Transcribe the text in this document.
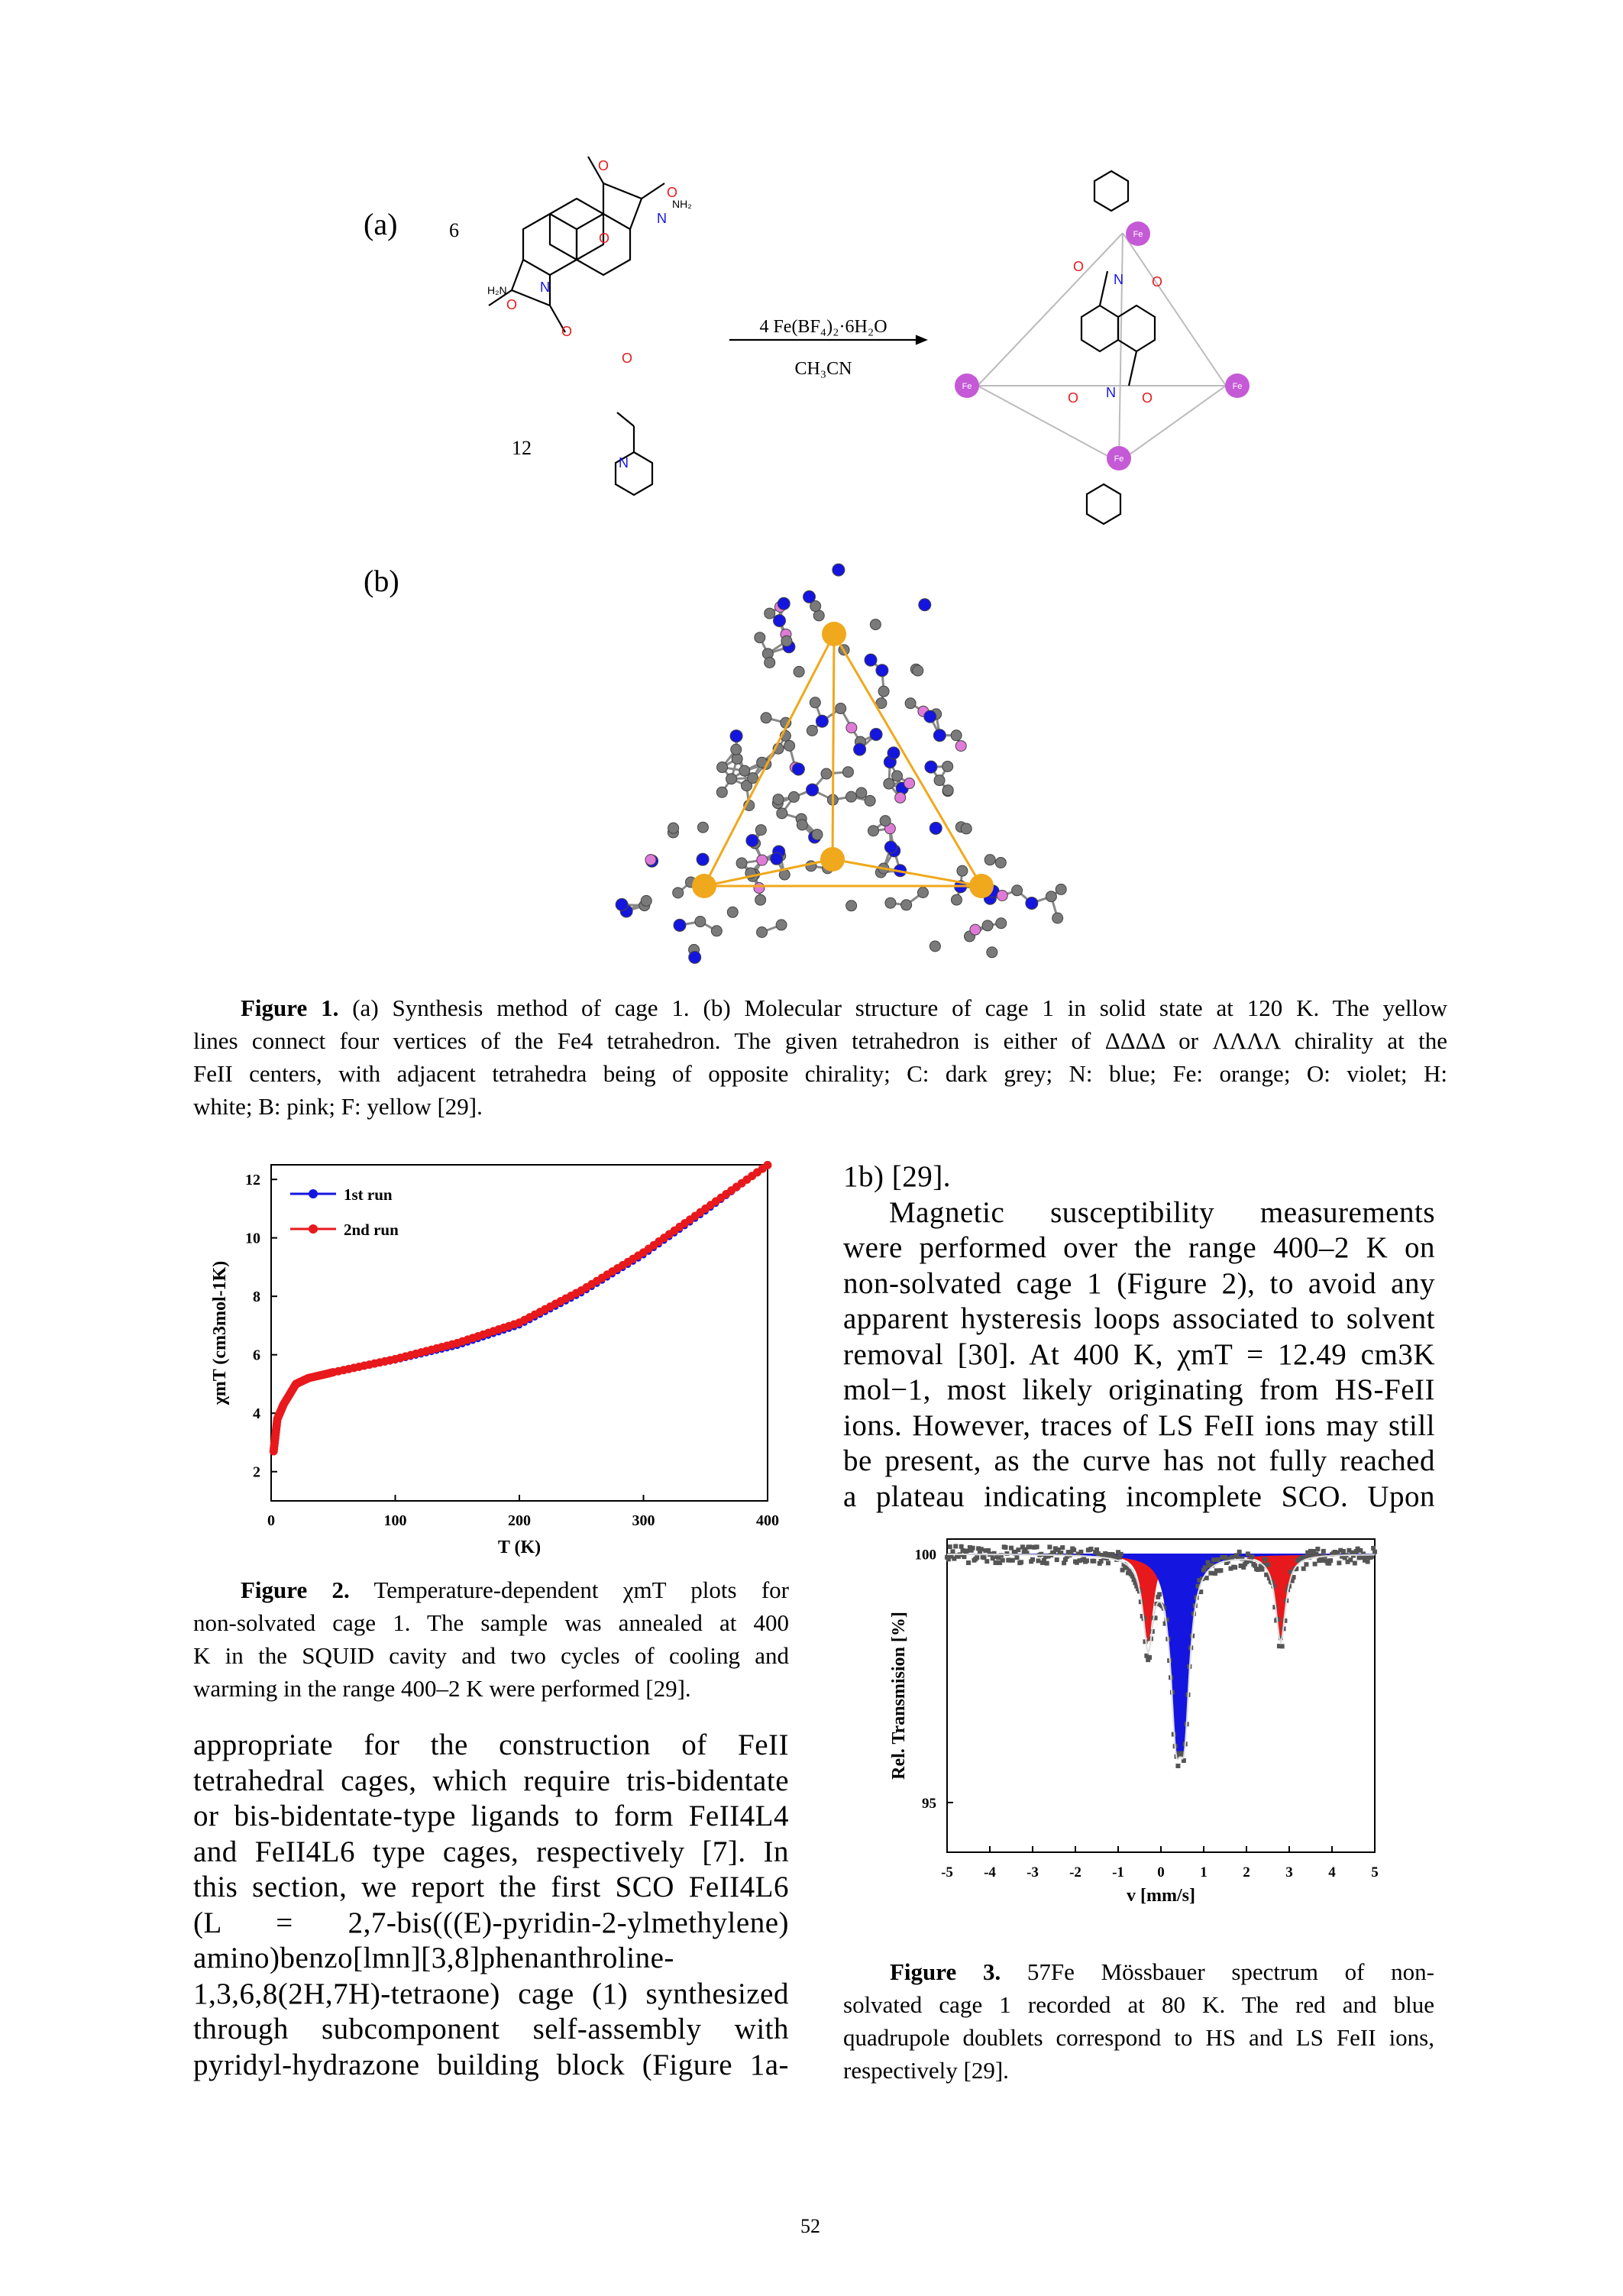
(a)
(b)
O
O
O
O
O
O
O
O	O
N
NH₂
N
H₂N
N
N
N
O
6
12
4 Fe(BF₄)₂·6H₂O
CH₃CN
Fe
Fe	Fe
Fe
Figure 1. (a) Synthesis method of cage 1. (b) Molecular structure of cage 1 in solid state at 120 K. The yellow
lines connect four vertices of the Fe4 tetrahedron. The given tetrahedron is either of ΔΔΔΔ or ΛΛΛΛ chirality at the
FeII centers, with adjacent tetrahedra being of opposite chirality; C: dark grey; N: blue; Fe: orange; O: violet; H:
white; B: pink; F: yellow [29].
0	100	200	300	400
2
4
6
8
10
12
T (K)
χmT (cm3mol-1K)
1st run
2nd run
Figure 2. Temperature-dependent χmT plots for
non-solvated cage 1. The sample was annealed at 400
K in the SQUID cavity and two cycles of cooling and
warming in the range 400–2 K were performed [29].
appropriate for the construction of FeII
tetrahedral cages, which require tris-bidentate
or bis-bidentate-type ligands to form FeII4L4
and FeII4L6 type cages, respectively [7]. In
this section, we report the first SCO FeII4L6
(L = 2,7-bis(((E)-pyridin-2-ylmethylene)
amino)benzo[lmn][3,8]phenanthroline-
1,3,6,8(2H,7H)-tetraone) cage (1) synthesized
through subcomponent self-assembly with
pyridyl-hydrazone building block (Figure 1a-
1b) [29].
Magnetic susceptibility measurements
were performed over the range 400–2 K on
non-solvated cage 1 (Figure 2), to avoid any
apparent hysteresis loops associated to solvent
removal [30]. At 400 K, χmT = 12.49 cm3K
mol−1, most likely originating from HS-FeII
ions. However, traces of LS FeII ions may still
be present, as the curve has not fully reached
a plateau indicating incomplete SCO. Upon
-5 -4 -3 -2 -1 0 1 2 3 4 5
95
100
v [mm/s]
Rel. Transmision [%]
Figure 3. 57Fe Mössbauer spectrum of non-
solvated cage 1 recorded at 80 K. The red and blue
quadrupole doublets correspond to HS and LS FeII ions,
respectively [29].
52
